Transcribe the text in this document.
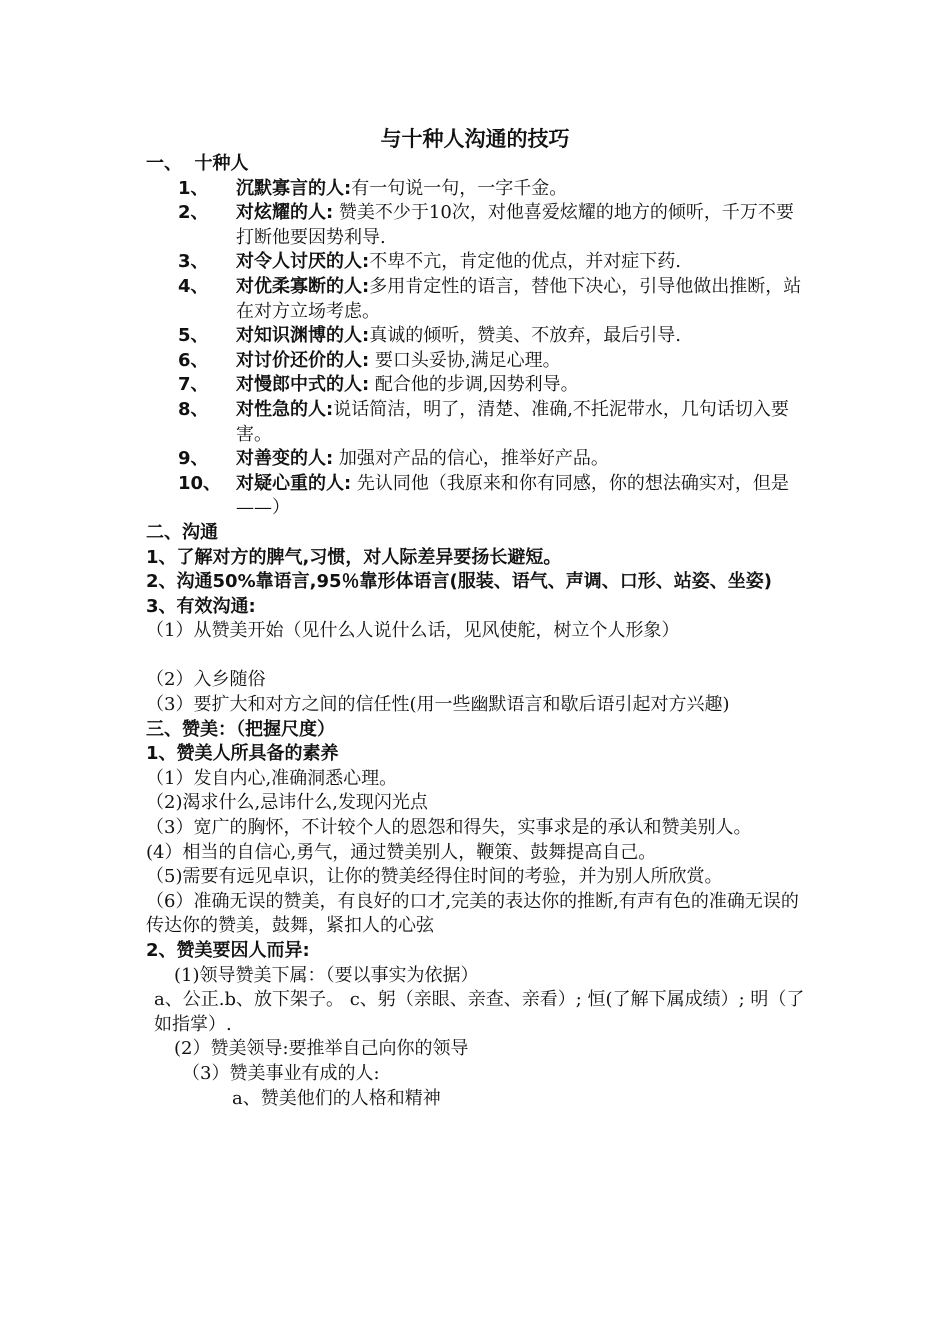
与十种人沟通的技巧
一、  十种人
1、 沉默寡言的人:有一句说一句，一字千金。
2、 对炫耀的人: 赞美不少于10次，对他喜爱炫耀的地方的倾听，千万不要打断他要因势利导.
3、 对令人讨厌的人:不卑不亢，肯定他的优点，并对症下药.
4、 对优柔寡断的人:多用肯定性的语言，替他下决心，引导他做出推断，站在对方立场考虑。
5、 对知识渊博的人:真诚的倾听，赞美、不放弃，最后引导.
6、 对讨价还价的人: 要口头妥协,满足心理。
7、 对慢郎中式的人: 配合他的步调,因势利导。
8、 对性急的人:说话简洁，明了，清楚、准确,不托泥带水，几句话切入要害。
9、 对善变的人: 加强对产品的信心，推举好产品。
10、 对疑心重的人: 先认同他（我原来和你有同感，你的想法确实对，但是——）
二、沟通
1、了解对方的脾气,习惯，对人际差异要扬长避短。
2、沟通50%靠语言,95％靠形体语言(服装、语气、声调、口形、站姿、坐姿)
3、有效沟通:
（1）从赞美开始（见什么人说什么话，见风使舵，树立个人形象）
（2）入乡随俗
（3）要扩大和对方之间的信任性(用一些幽默语言和歇后语引起对方兴趣)
三、赞美：（把握尺度）
1、赞美人所具备的素养
（1）发自内心,准确洞悉心理。
（2)渴求什么,忌讳什么,发现闪光点
（3）宽广的胸怀，不计较个人的恩怨和得失，实事求是的承认和赞美别人。
(4）相当的自信心,勇气，通过赞美别人，鞭策、鼓舞提高自己。
（5)需要有远见卓识，让你的赞美经得住时间的考验，并为别人所欣赏。
（6）准确无误的赞美，有良好的口才,完美的表达你的推断,有声有色的准确无误的传达你的赞美，鼓舞，紧扣人的心弦
2、赞美要因人而异:
(1)领导赞美下属：（要以事实为依据）
a、公正.b、放下架子。 c、躬（亲眼、亲查、亲看）; 恒(了解下属成绩）; 明（了如指掌）.
(2）赞美领导:要推举自己向你的领导
（3）赞美事业有成的人:
a、赞美他们的人格和精神
